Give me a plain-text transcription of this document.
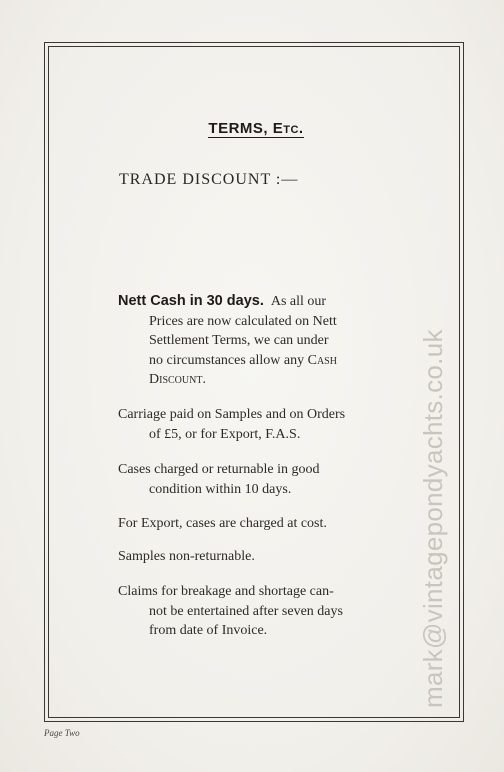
TERMS, Etc.
TRADE DISCOUNT :—
Nett Cash in 30 days. As all our
Prices are now calculated on Nett
Settlement Terms, we can under
no circumstances allow any Cash
Discount.
Carriage paid on Samples and on Orders
of £5, or for Export, F.A.S.
Cases charged or returnable in good
condition within 10 days.
For Export, cases are charged at cost.
Samples non-returnable.
Claims for breakage and shortage can-
not be entertained after seven days
from date of Invoice.
Page Two
mark@vintagepondyachts.co.uk
